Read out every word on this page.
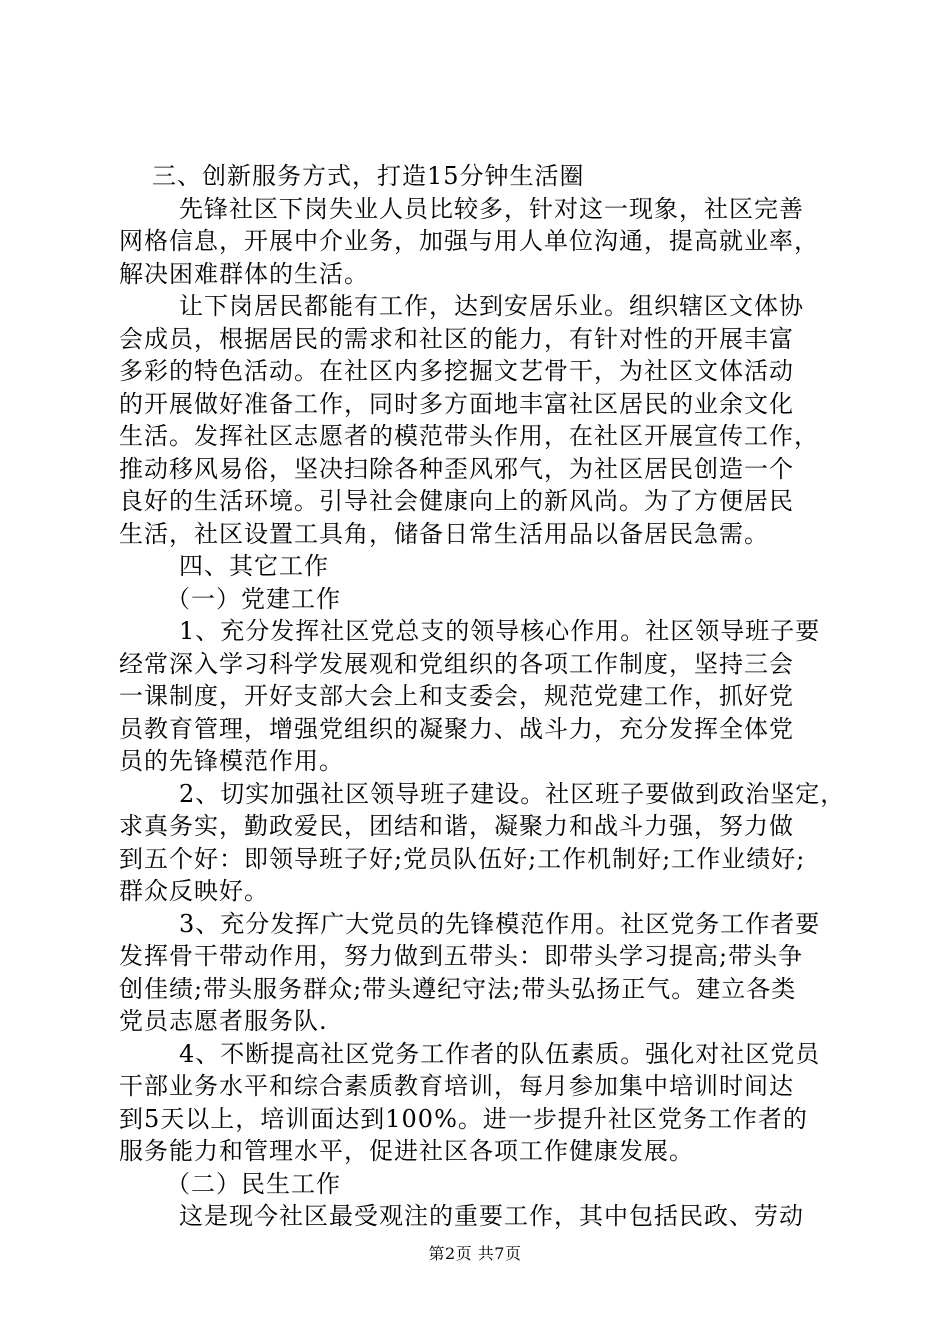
三、创新服务方式，打造15分钟生活圈
先锋社区下岗失业人员比较多，针对这一现象，社区完善
网格信息，开展中介业务，加强与用人单位沟通，提高就业率，
解决困难群体的生活。
让下岗居民都能有工作，达到安居乐业。组织辖区文体协
会成员，根据居民的需求和社区的能力，有针对性的开展丰富
多彩的特色活动。在社区内多挖掘文艺骨干，为社区文体活动
的开展做好准备工作，同时多方面地丰富社区居民的业余文化
生活。发挥社区志愿者的模范带头作用，在社区开展宣传工作，
推动移风易俗，坚决扫除各种歪风邪气，为社区居民创造一个
良好的生活环境。引导社会健康向上的新风尚。为了方便居民
生活，社区设置工具角，储备日常生活用品以备居民急需。
四、其它工作
（一）党建工作
1、充分发挥社区党总支的领导核心作用。社区领导班子要
经常深入学习科学发展观和党组织的各项工作制度，坚持三会
一课制度，开好支部大会上和支委会，规范党建工作，抓好党
员教育管理，增强党组织的凝聚力、战斗力，充分发挥全体党
员的先锋模范作用。
2、切实加强社区领导班子建设。社区班子要做到政治坚定，
求真务实，勤政爱民，团结和谐，凝聚力和战斗力强，努力做
到五个好：即领导班子好;党员队伍好;工作机制好;工作业绩好;
群众反映好。
3、充分发挥广大党员的先锋模范作用。社区党务工作者要
发挥骨干带动作用，努力做到五带头：即带头学习提高;带头争
创佳绩;带头服务群众;带头遵纪守法;带头弘扬正气。建立各类
党员志愿者服务队.
4、不断提高社区党务工作者的队伍素质。强化对社区党员
干部业务水平和综合素质教育培训，每月参加集中培训时间达
到5天以上，培训面达到100%。进一步提升社区党务工作者的
服务能力和管理水平，促进社区各项工作健康发展。
（二）民生工作
这是现今社区最受观注的重要工作，其中包括民政、劳动
第2页 共7页
